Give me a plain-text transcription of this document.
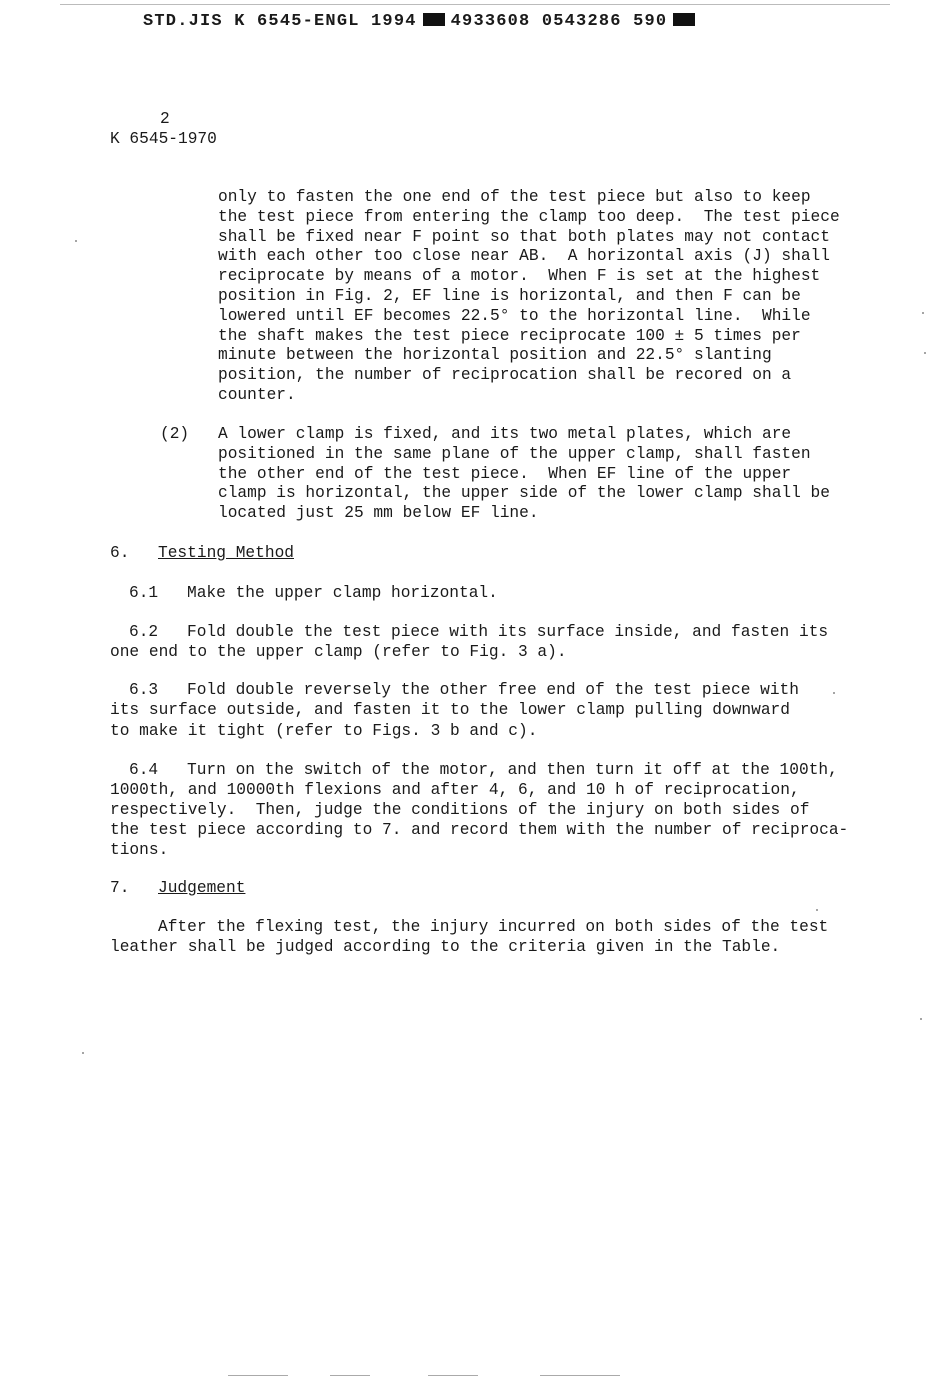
STD.JIS K 6545-ENGL 1994 4933608 0543286 590
2
K 6545-1970
only to fasten the one end of the test piece but also to keep
the test piece from entering the clamp too deep.  The test piece
shall be fixed near F point so that both plates may not contact
with each other too close near AB.  A horizontal axis (J) shall
reciprocate by means of a motor.  When F is set at the highest
position in Fig. 2, EF line is horizontal, and then F can be
lowered until EF becomes 22.5° to the horizontal line.  While
the shaft makes the test piece reciprocate 100 ± 5 times per
minute between the horizontal position and 22.5° slanting
position, the number of reciprocation shall be recored on a
counter.
(2) A lower clamp is fixed, and its two metal plates, which are
positioned in the same plane of the upper clamp, shall fasten
the other end of the test piece.  When EF line of the upper
clamp is horizontal, the upper side of the lower clamp shall be
located just 25 mm below EF line.
6. Testing Method
6.1 Make the upper clamp horizontal.
6.2 Fold double the test piece with its surface inside, and fasten its
one end to the upper clamp (refer to Fig. 3 a).
6.3 Fold double reversely the other free end of the test piece with
its surface outside, and fasten it to the lower clamp pulling downward
to make it tight (refer to Figs. 3 b and c).
6.4 Turn on the switch of the motor, and then turn it off at the 100th,
1000th, and 10000th flexions and after 4, 6, and 10 h of reciprocation,
respectively.  Then, judge the conditions of the injury on both sides of
the test piece according to 7. and record them with the number of reciproca-
tions.
7. Judgement
After the flexing test, the injury incurred on both sides of the test
leather shall be judged according to the criteria given in the Table.
